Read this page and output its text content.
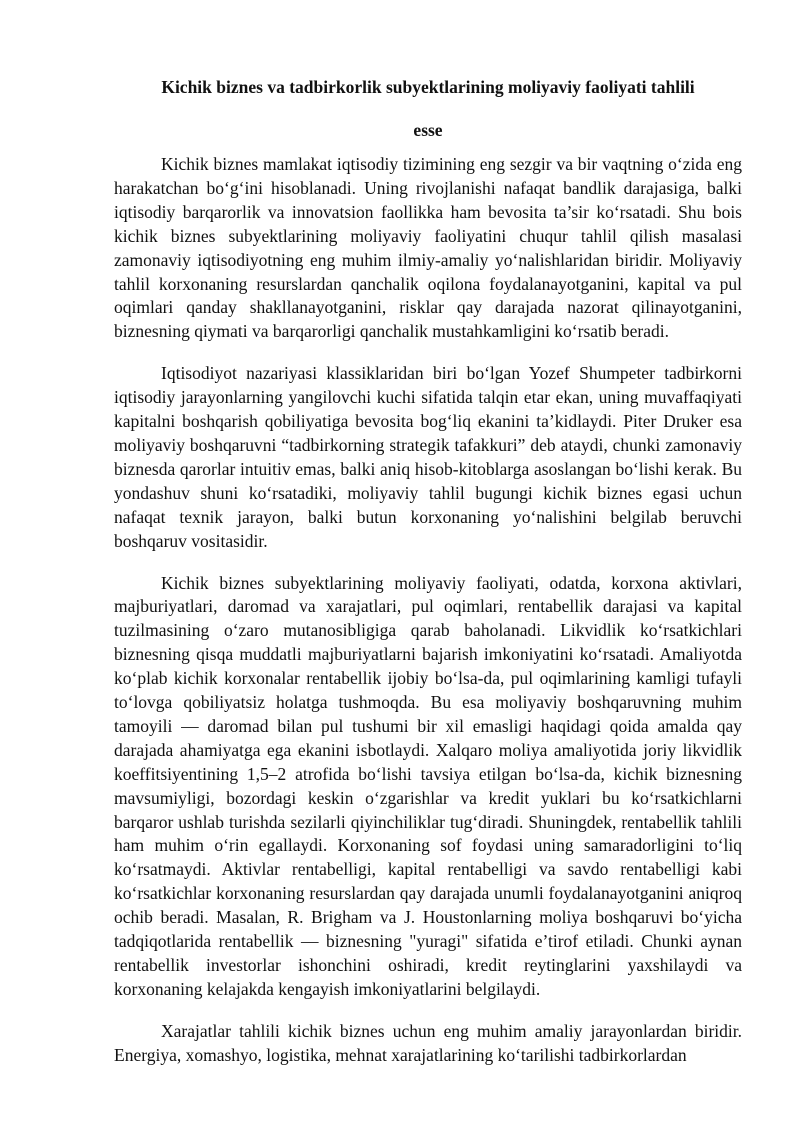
Kichik biznes va tadbirkorlik subyektlarining moliyaviy faoliyati tahlili
esse

Kichik biznes mamlakat iqtisodiy tizimining eng sezgir va bir vaqtning o‘zida eng harakatchan bo‘g‘ini hisoblanadi. Uning rivojlanishi nafaqat bandlik darajasiga, balki iqtisodiy barqarorlik va innovatsion faollikka ham bevosita ta’sir ko‘rsatadi. Shu bois kichik biznes subyektlarining moliyaviy faoliyatini chuqur tahlil qilish masalasi zamonaviy iqtisodiyotning eng muhim ilmiy-amaliy yo‘nalishlaridan biridir. Moliyaviy tahlil korxonaning resurslardan qanchalik oqilona foydalanayotganini, kapital va pul oqimlari qanday shakllanayotganini, risklar qay darajada nazorat qilinayotganini, biznesning qiymati va barqarorligi qanchalik mustahkamligini ko‘rsatib beradi.

Iqtisodiyot nazariyasi klassiklaridan biri bo‘lgan Yozef Shumpeter tadbirkorni iqtisodiy jarayonlarning yangilovchi kuchi sifatida talqin etar ekan, uning muvaffaqiyati kapitalni boshqarish qobiliyatiga bevosita bog‘liq ekanini ta’kidlaydi. Piter Druker esa moliyaviy boshqaruvni “tadbirkorning strategik tafakkuri” deb ataydi, chunki zamonaviy biznesda qarorlar intuitiv emas, balki aniq hisob-kitoblarga asoslangan bo‘lishi kerak. Bu yondashuv shuni ko‘rsatadiki, moliyaviy tahlil bugungi kichik biznes egasi uchun nafaqat texnik jarayon, balki butun korxonaning yo‘nalishini belgilab beruvchi boshqaruv vositasidir.

Kichik biznes subyektlarining moliyaviy faoliyati, odatda, korxona aktivlari, majburiyatlari, daromad va xarajatlari, pul oqimlari, rentabellik darajasi va kapital tuzilmasining o‘zaro mutanosibligiga qarab baholanadi. Likvidlik ko‘rsatkichlari biznesning qisqa muddatli majburiyatlarni bajarish imkoniyatini ko‘rsatadi. Amaliyotda ko‘plab kichik korxonalar rentabellik ijobiy bo‘lsa-da, pul oqimlarining kamligi tufayli to‘lovga qobiliyatsiz holatga tushmoqda. Bu esa moliyaviy boshqaruvning muhim tamoyili — daromad bilan pul tushumi bir xil emasligi haqidagi qoida amalda qay darajada ahamiyatga ega ekanini isbotlaydi. Xalqaro moliya amaliyotida joriy likvidlik koeffitsiyentining 1,5–2 atrofida bo‘lishi tavsiya etilgan bo‘lsa-da, kichik biznesning mavsumiyligi, bozordagi keskin o‘zgarishlar va kredit yuklari bu ko‘rsatkichlarni barqaror ushlab turishda sezilarli qiyinchiliklar tug‘diradi. Shuningdek, rentabellik tahlili ham muhim o‘rin egallaydi. Korxonaning sof foydasi uning samaradorligini to‘liq ko‘rsatmaydi. Aktivlar rentabelligi, kapital rentabelligi va savdo rentabelligi kabi ko‘rsatkichlar korxonaning resurslardan qay darajada unumli foydalanayotganini aniqroq ochib beradi. Masalan, R. Brigham va J. Houstonlarning moliya boshqaruvi bo‘yicha tadqiqotlarida rentabellik — biznesning "yuragi" sifatida e’tirof etiladi. Chunki aynan rentabellik investorlar ishonchini oshiradi, kredit reytinglarini yaxshilaydi va korxonaning kelajakda kengayish imkoniyatlarini belgilaydi.

Xarajatlar tahlili kichik biznes uchun eng muhim amaliy jarayonlardan biridir. Energiya, xomashyo, logistika, mehnat xarajatlarining ko‘tarilishi tadbirkorlardan
